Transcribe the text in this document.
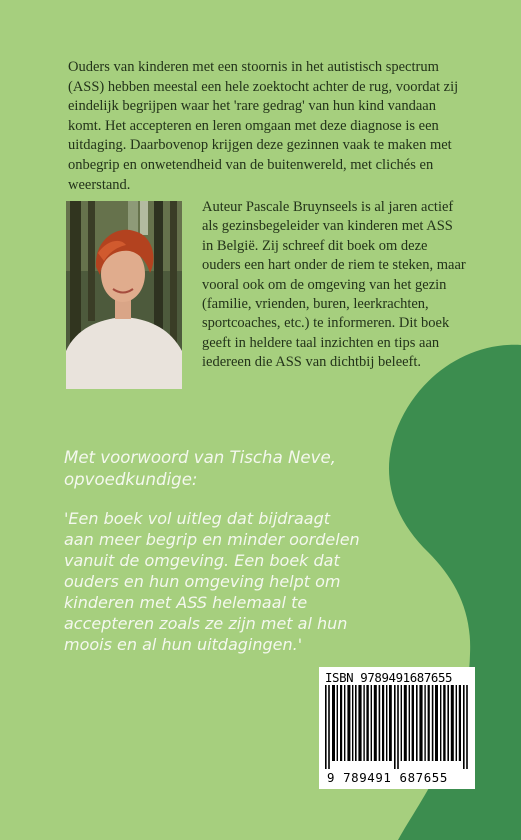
Ouders van kinderen met een stoornis in het autistisch spectrum (ASS) hebben meestal een hele zoektocht achter de rug, voordat zij eindelijk begrijpen waar het 'rare gedrag' van hun kind vandaan komt. Het accepteren en leren omgaan met deze diagnose is een uitdaging. Daarbovenop krijgen deze gezinnen vaak te maken met onbegrip en onwetendheid van de buitenwereld, met clichés en weerstand.

Auteur Pascale Bruynseels is al jaren actief als gezinsbegeleider van kinderen met ASS in België. Zij schreef dit boek om deze ouders een hart onder de riem te steken, maar vooral ook om de omgeving van het gezin (familie, vrienden, buren, leerkrachten, sportcoaches, etc.) te informeren. Dit boek geeft in heldere taal inzichten en tips aan iedereen die ASS van dichtbij beleeft.

Met voorwoord van Tischa Neve, opvoedkundige:

'Een boek vol uitleg dat bijdraagt aan meer begrip en minder oordelen vanuit de omgeving. Een boek dat ouders en hun omgeving helpt om kinderen met ASS helemaal te accepteren zoals ze zijn met al hun moois en al hun uitdagingen.'

ISBN 9789491687655
9 789491 687655
